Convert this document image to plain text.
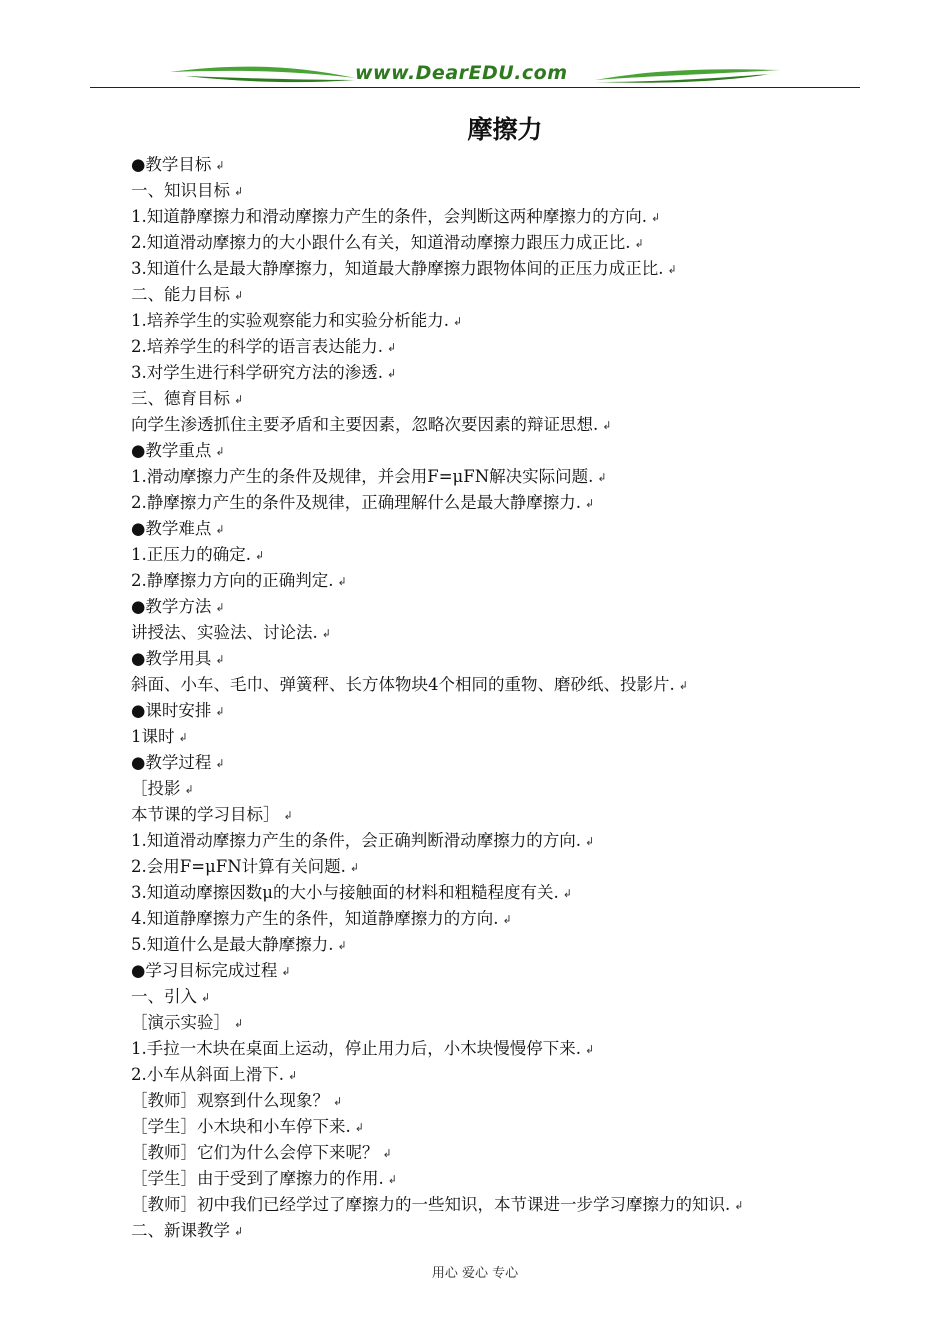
www.DearEDU.com
摩擦力
●教学目标 ↲
一、知识目标 ↲
1.知道静摩擦力和滑动摩擦力产生的条件，会判断这两种摩擦力的方向. ↲
2.知道滑动摩擦力的大小跟什么有关，知道滑动摩擦力跟压力成正比. ↲
3.知道什么是最大静摩擦力，知道最大静摩擦力跟物体间的正压力成正比. ↲
二、能力目标 ↲
1.培养学生的实验观察能力和实验分析能力. ↲
2.培养学生的科学的语言表达能力. ↲
3.对学生进行科学研究方法的渗透. ↲
三、德育目标 ↲
向学生渗透抓住主要矛盾和主要因素，忽略次要因素的辩证思想. ↲
●教学重点 ↲
1.滑动摩擦力产生的条件及规律，并会用F=μFN解决实际问题. ↲
2.静摩擦力产生的条件及规律，正确理解什么是最大静摩擦力. ↲
●教学难点 ↲
1.正压力的确定. ↲
2.静摩擦力方向的正确判定. ↲
●教学方法 ↲
讲授法、实验法、讨论法. ↲
●教学用具 ↲
斜面、小车、毛巾、弹簧秤、长方体物块4个相同的重物、磨砂纸、投影片. ↲
●课时安排 ↲
1课时 ↲
●教学过程 ↲
［投影 ↲
本节课的学习目标］ ↲
1.知道滑动摩擦力产生的条件，会正确判断滑动摩擦力的方向. ↲
2.会用F=μFN计算有关问题. ↲
3.知道动摩擦因数μ的大小与接触面的材料和粗糙程度有关. ↲
4.知道静摩擦力产生的条件，知道静摩擦力的方向. ↲
5.知道什么是最大静摩擦力. ↲
●学习目标完成过程 ↲
一、引入 ↲
［演示实验］ ↲
1.手拉一木块在桌面上运动，停止用力后，小木块慢慢停下来. ↲
2.小车从斜面上滑下. ↲
［教师］观察到什么现象？ ↲
［学生］小木块和小车停下来. ↲
［教师］它们为什么会停下来呢？ ↲
［学生］由于受到了摩擦力的作用. ↲
［教师］初中我们已经学过了摩擦力的一些知识，本节课进一步学习摩擦力的知识. ↲
二、新课教学 ↲
用心 爱心 专心
